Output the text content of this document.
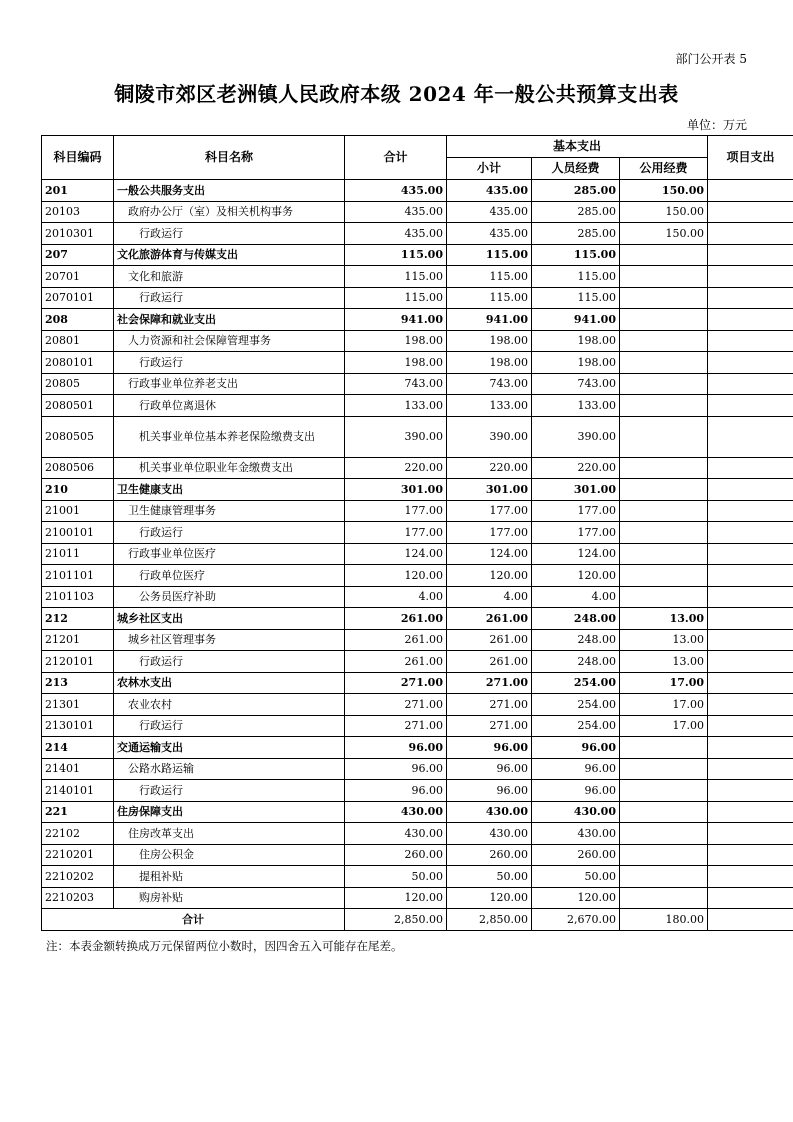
部门公开表 5
铜陵市郊区老洲镇人民政府本级 2024 年一般公共预算支出表
单位：万元
科目编码	科目名称	合计	基本支出			项目支出
			小计	人员经费	公用经费	
201	一般公共服务支出	435.00	435.00	285.00	150.00	
20103	政府办公厅（室）及相关机构事务	435.00	435.00	285.00	150.00	
2010301	行政运行	435.00	435.00	285.00	150.00	
207	文化旅游体育与传媒支出	115.00	115.00	115.00		
20701	文化和旅游	115.00	115.00	115.00		
2070101	行政运行	115.00	115.00	115.00		
208	社会保障和就业支出	941.00	941.00	941.00		
20801	人力资源和社会保障管理事务	198.00	198.00	198.00		
2080101	行政运行	198.00	198.00	198.00		
20805	行政事业单位养老支出	743.00	743.00	743.00		
2080501	行政单位离退休	133.00	133.00	133.00		
2080505	机关事业单位基本养老保险缴费支出	390.00	390.00	390.00		
2080506	机关事业单位职业年金缴费支出	220.00	220.00	220.00		
210	卫生健康支出	301.00	301.00	301.00		
21001	卫生健康管理事务	177.00	177.00	177.00		
2100101	行政运行	177.00	177.00	177.00		
21011	行政事业单位医疗	124.00	124.00	124.00		
2101101	行政单位医疗	120.00	120.00	120.00		
2101103	公务员医疗补助	4.00	4.00	4.00		
212	城乡社区支出	261.00	261.00	248.00	13.00	
21201	城乡社区管理事务	261.00	261.00	248.00	13.00	
2120101	行政运行	261.00	261.00	248.00	13.00	
213	农林水支出	271.00	271.00	254.00	17.00	
21301	农业农村	271.00	271.00	254.00	17.00	
2130101	行政运行	271.00	271.00	254.00	17.00	
214	交通运输支出	96.00	96.00	96.00		
21401	公路水路运输	96.00	96.00	96.00		
2140101	行政运行	96.00	96.00	96.00		
221	住房保障支出	430.00	430.00	430.00		
22102	住房改革支出	430.00	430.00	430.00		
2210201	住房公积金	260.00	260.00	260.00		
2210202	提租补贴	50.00	50.00	50.00		
2210203	购房补贴	120.00	120.00	120.00		
合计		2,850.00	2,850.00	2,670.00	180.00	
注：本表金额转换成万元保留两位小数时，因四舍五入可能存在尾差。
